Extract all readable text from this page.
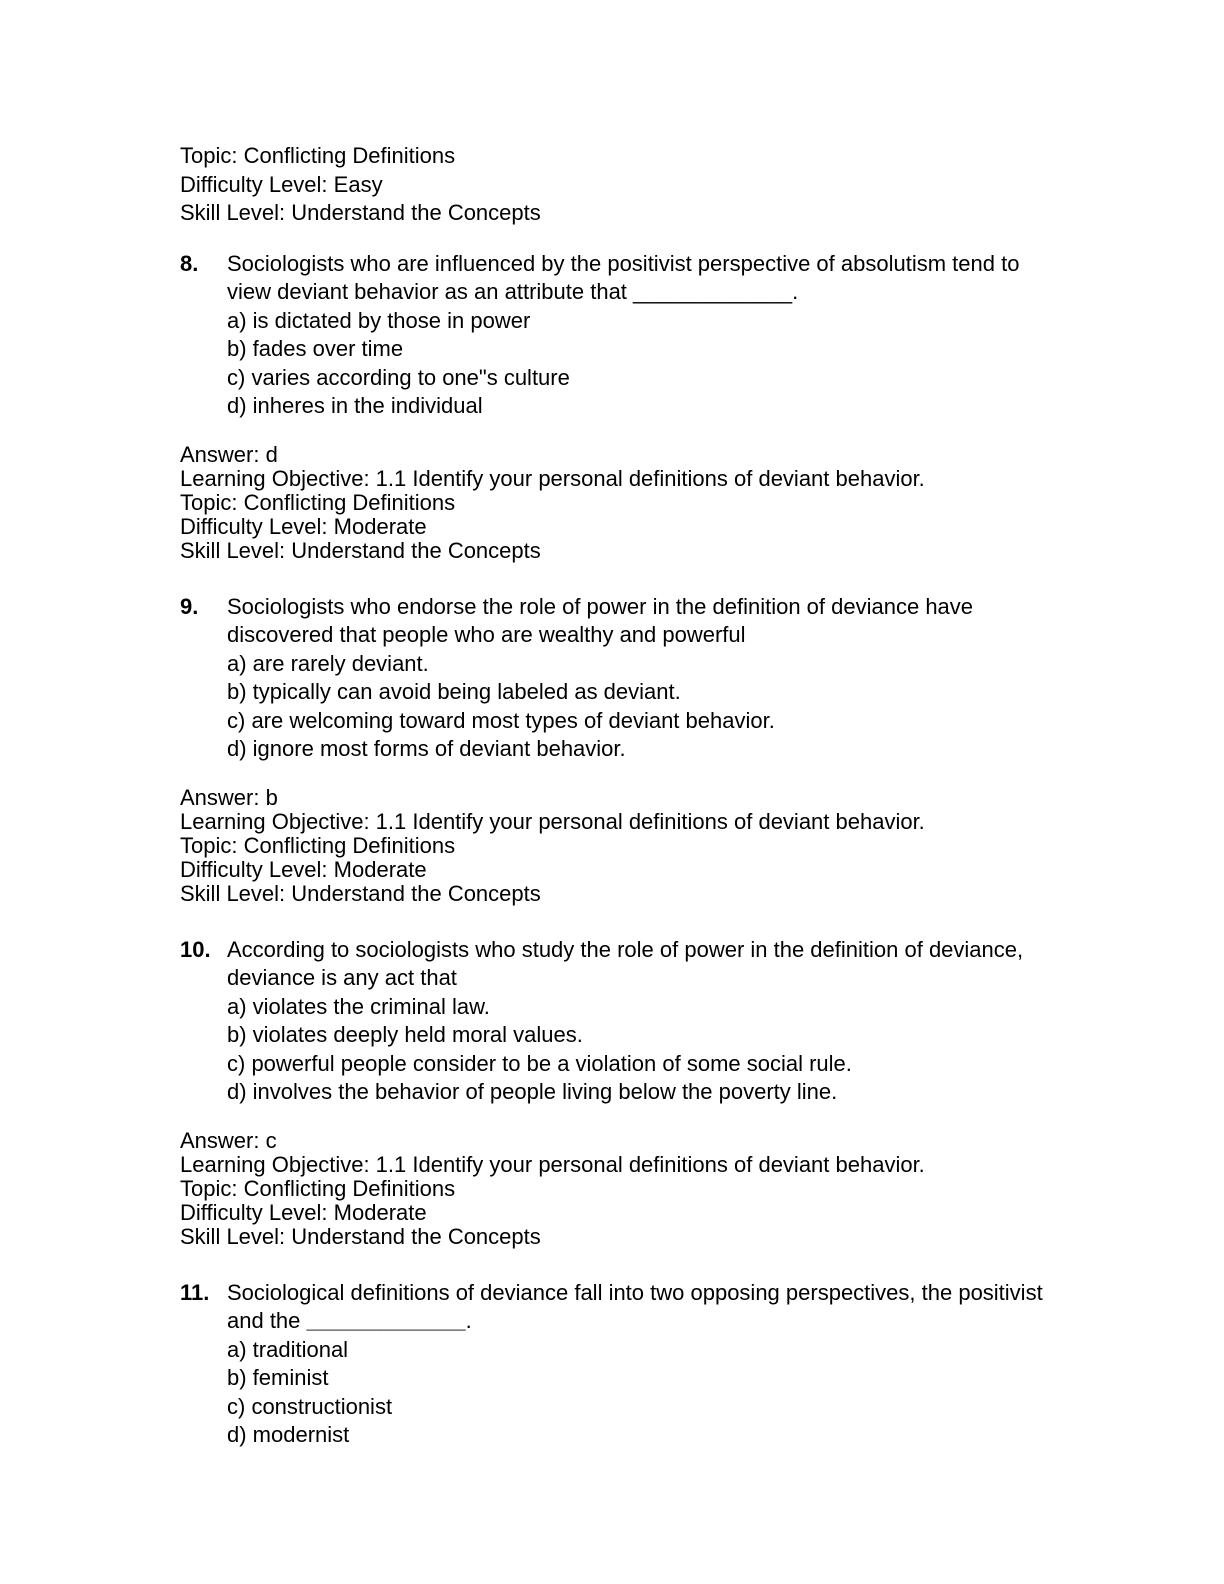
Topic: Conflicting Definitions
Difficulty Level: Easy
Skill Level: Understand the Concepts
8. Sociologists who are influenced by the positivist perspective of absolutism tend to
view deviant behavior as an attribute that _____________.
a) is dictated by those in power
b) fades over time
c) varies according to one"s culture
d) inheres in the individual
Answer: d
Learning Objective: 1.1 Identify your personal definitions of deviant behavior.
Topic: Conflicting Definitions
Difficulty Level: Moderate
Skill Level: Understand the Concepts
9. Sociologists who endorse the role of power in the definition of deviance have
discovered that people who are wealthy and powerful
a) are rarely deviant.
b) typically can avoid being labeled as deviant.
c) are welcoming toward most types of deviant behavior.
d) ignore most forms of deviant behavior.
Answer: b
Learning Objective: 1.1 Identify your personal definitions of deviant behavior.
Topic: Conflicting Definitions
Difficulty Level: Moderate
Skill Level: Understand the Concepts
10. According to sociologists who study the role of power in the definition of deviance,
deviance is any act that
a) violates the criminal law.
b) violates deeply held moral values.
c) powerful people consider to be a violation of some social rule.
d) involves the behavior of people living below the poverty line.
Answer: c
Learning Objective: 1.1 Identify your personal definitions of deviant behavior.
Topic: Conflicting Definitions
Difficulty Level: Moderate
Skill Level: Understand the Concepts
11. Sociological definitions of deviance fall into two opposing perspectives, the positivist
and the _____________.
a) traditional
b) feminist
c) constructionist
d) modernist
